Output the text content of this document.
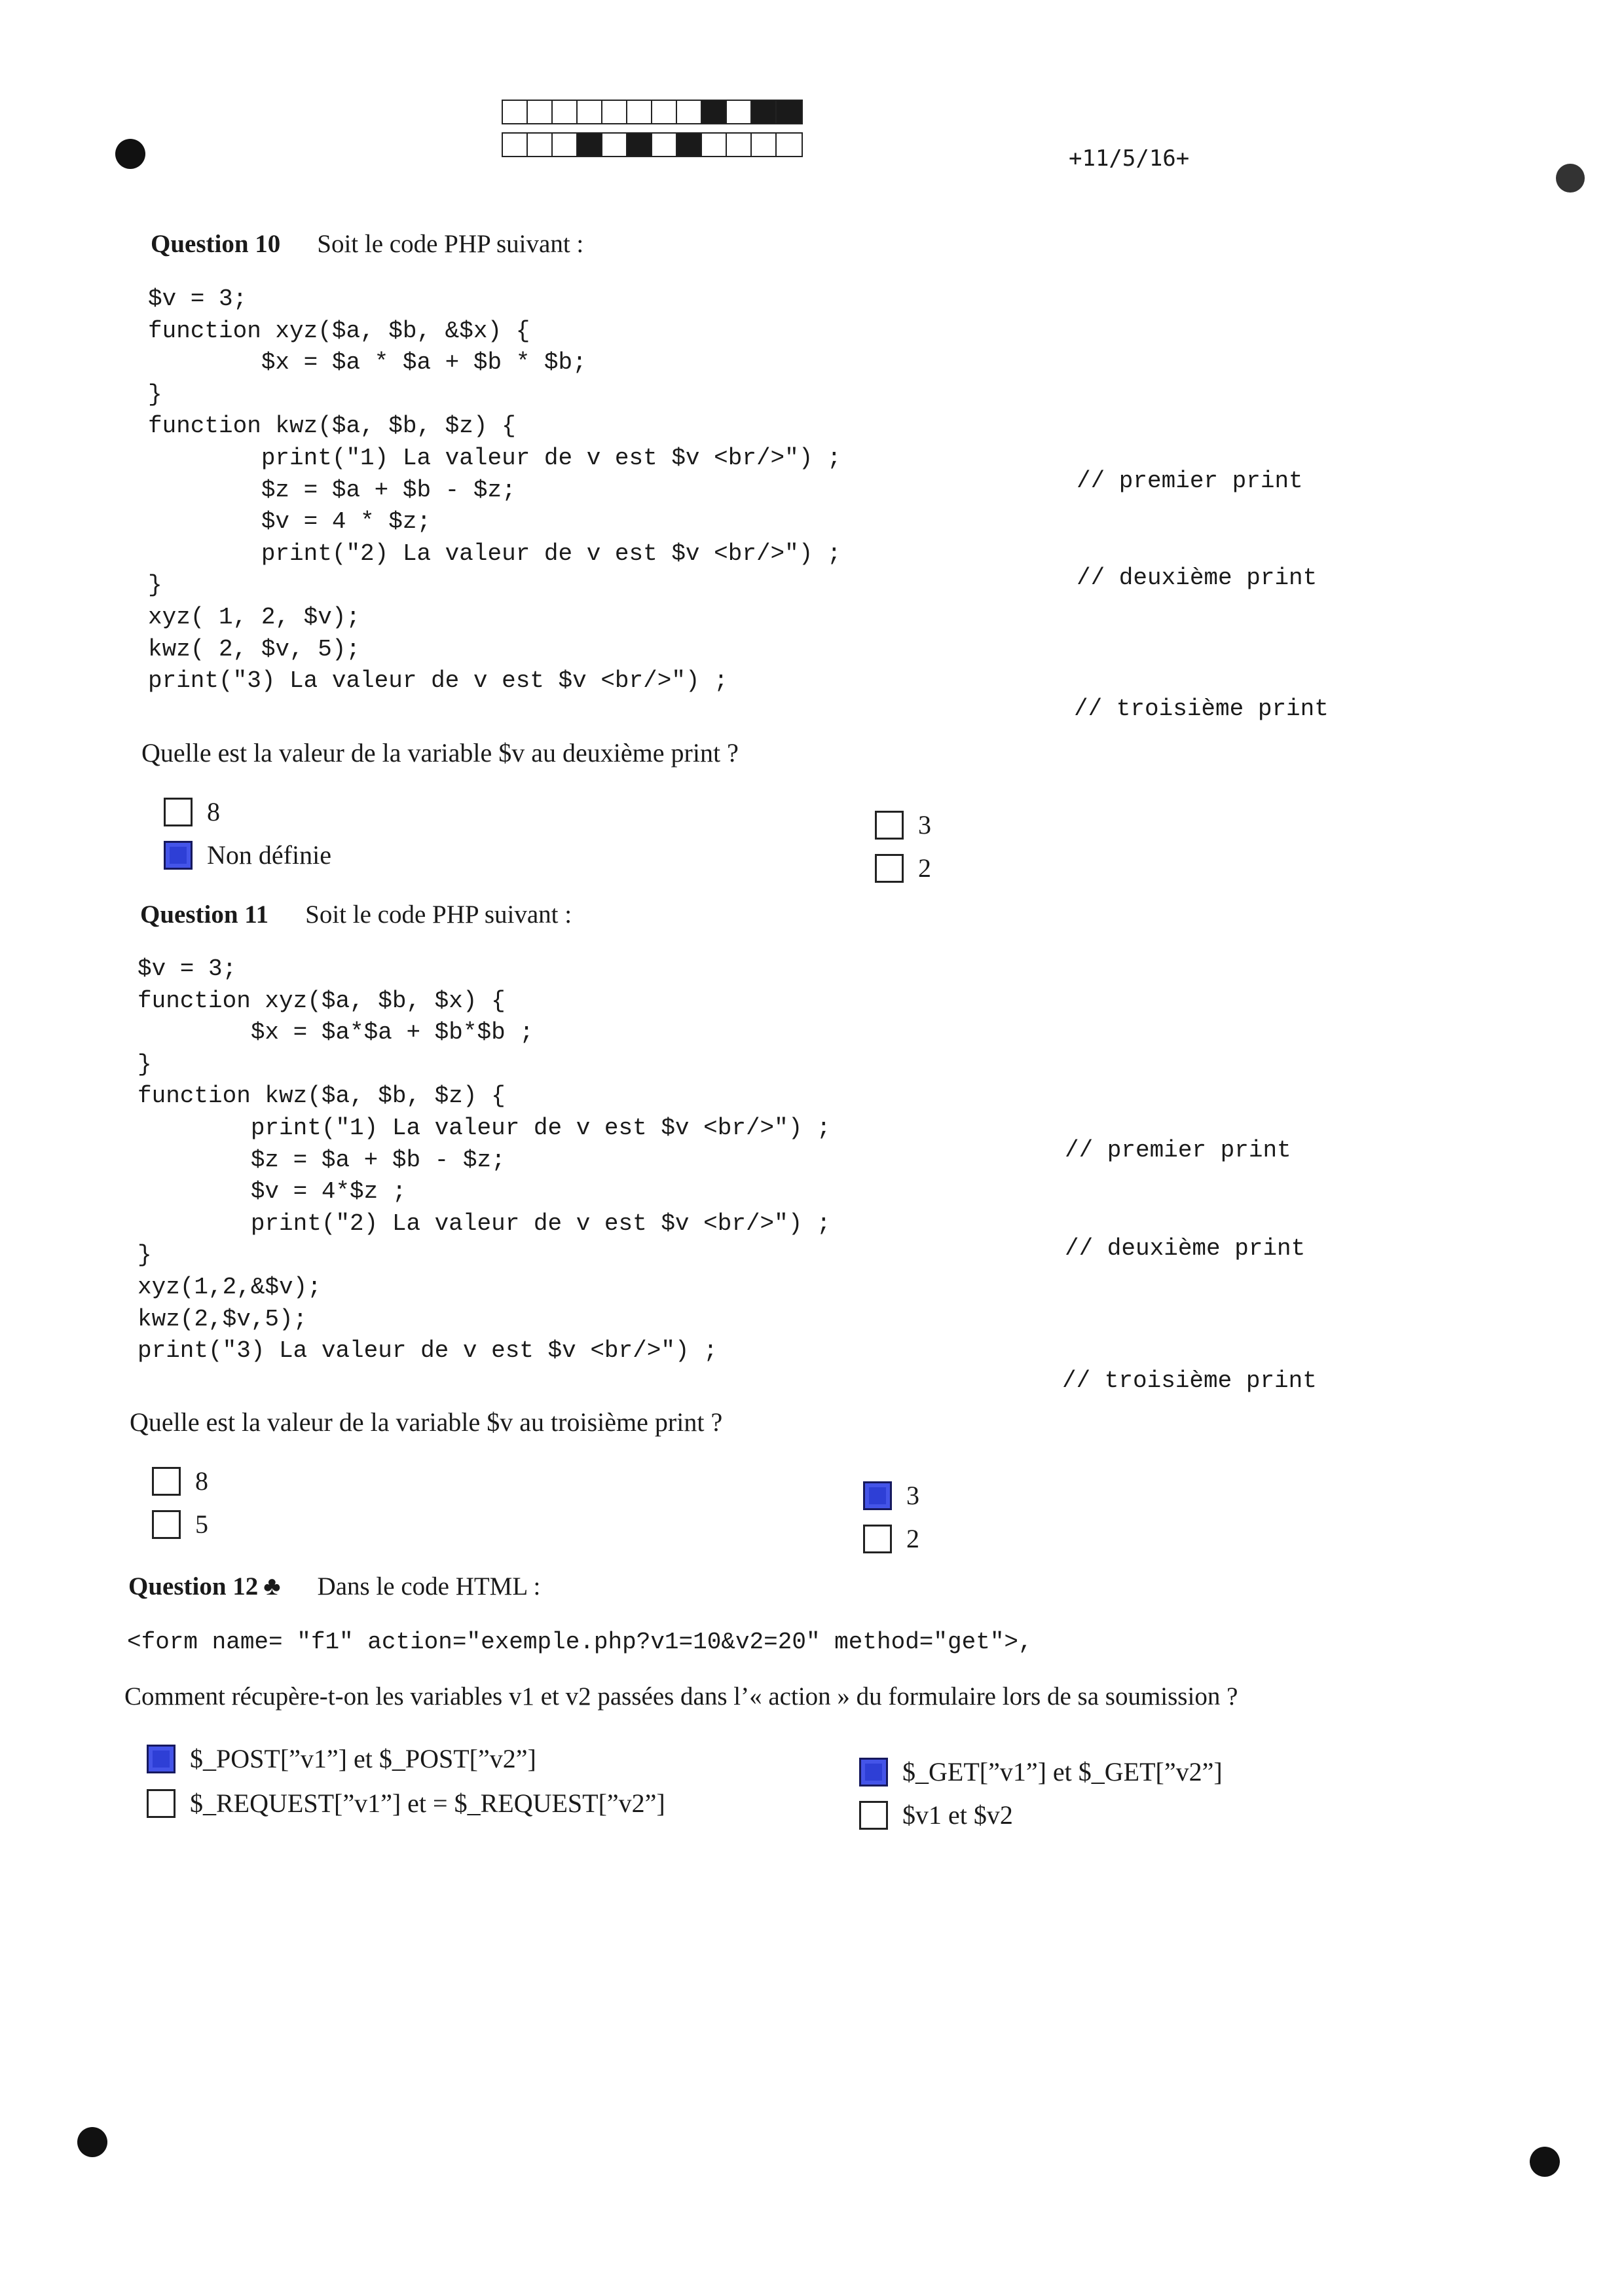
+11/5/16+
Question 10 Soit le code PHP suivant :
$v = 3;
function xyz($a, $b, &$x) {
$x = $a * $a + $b * $b;
}
function kwz($a, $b, $z) {
print("1) La valeur de v est $v <br/>") ;
$z = $a + $b - $z;
$v = 4 * $z;
print("2) La valeur de v est $v <br/>") ;
}
xyz( 1, 2, $v);
kwz( 2, $v, 5);
print("3) La valeur de v est $v <br/>") ;
// premier print
// deuxième print
// troisième print
Quelle est la valeur de la variable $v au deuxième print ?
8
Non définie
3
2
Question 11 Soit le code PHP suivant :
$v = 3;
function xyz($a, $b, $x) {
$x = $a*$a + $b*$b ;
}
function kwz($a, $b, $z) {
print("1) La valeur de v est $v <br/>") ;
$z = $a + $b - $z;
$v = 4*$z ;
print("2) La valeur de v est $v <br/>") ;
}
xyz(1,2,&$v);
kwz(2,$v,5);
print("3) La valeur de v est $v <br/>") ;
// premier print
// deuxième print
// troisième print
Quelle est la valeur de la variable $v au troisième print ?
8
5
3
2
Question 12 ♣ Dans le code HTML :
<form name= "f1" action="exemple.php?v1=10&v2=20" method="get">,
Comment récupère-t-on les variables v1 et v2 passées dans l’« action » du formulaire lors de sa soumission ?
$_POST[”v1”] et $_POST[”v2”]
$_REQUEST[”v1”] et = $_REQUEST[”v2”]
$_GET[”v1”] et $_GET[”v2”]
$v1 et $v2
